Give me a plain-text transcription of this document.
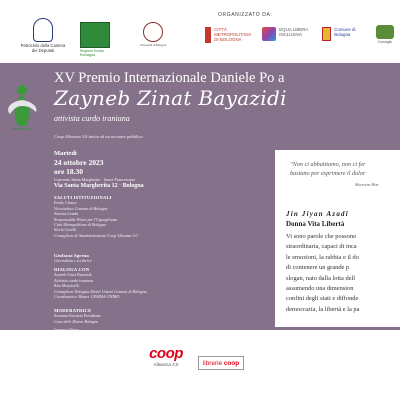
Patrocinio della Camera dei Deputati	Regione Emilia-Romagna
Università di Bologna
ORGANIZZATO DA:
CITTÀ METROPOLITANA DI BOLOGNA
EQUA LIBERA INCLUSIVA
Comune di Bologna
Consiglio
Daniele Po
XV Premio Internazionale Daniele Po a
Zayneb Zinat Bayazidi
attivista curdo iraniana
Coop Alleanza 3.0 invita ad un incontro pubblico
Martedì
24 ottobre 2023
ore 18.30
Convento Santa Margherita · Suore Francescane
Via Santa Margherita 12 · Bologna
SALUTI ISTITUZIONALI
Emily Clancy
Vicesindaco Comune di Bologna
Simona Lembi
Responsabile Piano per l'Uguaglianza
Città Metropolitana di Bologna
Silvia Cavelli
Consigliera di Amministrazione Coop Alleanza 3.0
Giuliana Sgrena
Giornalista e scrittrice
DIALOGA CON
Zayneb Zinat Bayazidi
Attivista curdo iraniana
Rita Monticelli
Consigliera Delegata Diritti Umani Comune di Bologna,
Coordinatrice Master GEMMA-UNIBO
MODERATRICE
Susanna Zaccaria Presidente
Casa delle Donne Bologna
Ingresso libero
"Non ci abbattiamo, non ci fer
bastano per esprimere il dolor
Sherwin Har
Jin Jiyan Azadî
Donna Vita Libertà
Vi sono parole che possono
straordinaria, capaci di inca
le emozioni, la rabbia e il do
di contenere un grande p
slogan, nato dalla lotta dell
assumendo una dimension
confini degli stati e diffonde
democrazia, la libertà e la pa
coop
Alleanza 3.0	librerie
coop
